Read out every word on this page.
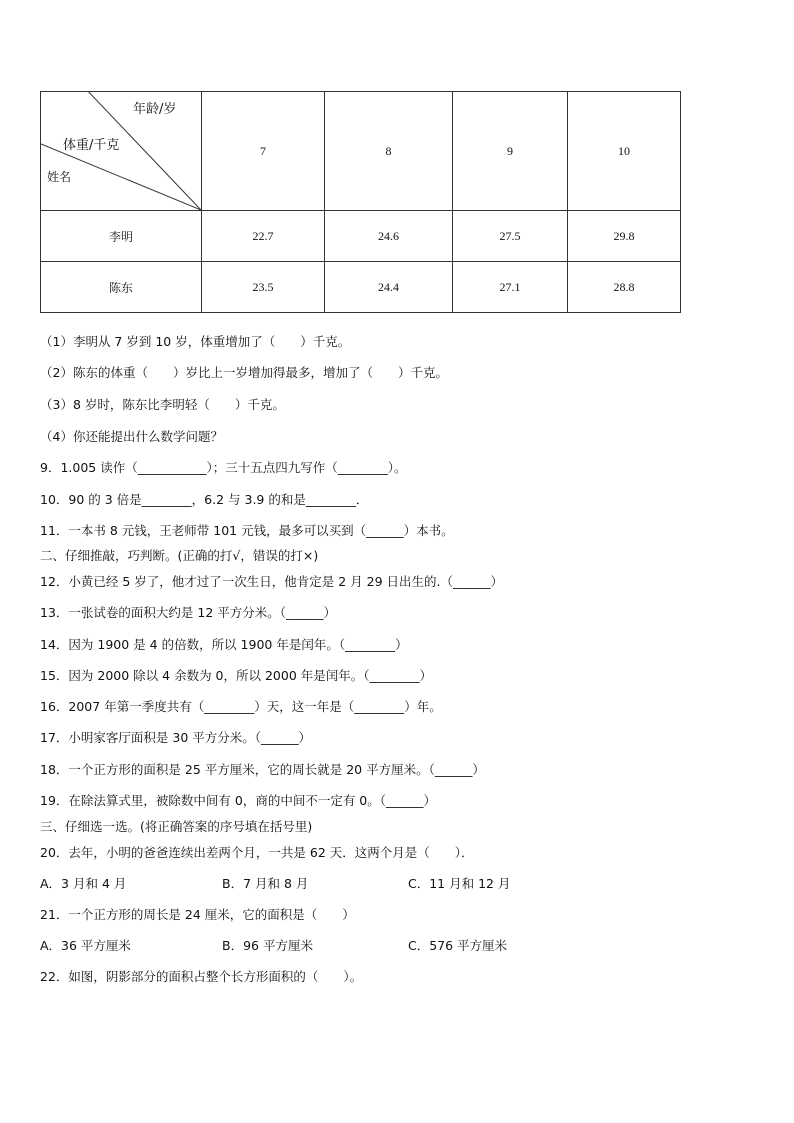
年龄/岁
体重/千克
姓名	7	8	9	10
李明	22.7	24.6	27.5	29.8
陈东	23.5	24.4	27.1	28.8
（1）李明从 7 岁到 10 岁，体重增加了（　　）千克。
（2）陈东的体重（　　）岁比上一岁增加得最多，增加了（　　）千克。
（3）8 岁时，陈东比李明轻（　　）千克。
（4）你还能提出什么数学问题？
9．1.005 读作（___________）；三十五点四九写作（________）。
10．90 的 3 倍是________，6.2 与 3.9 的和是________．
11．一本书 8 元钱，王老师带 101 元钱，最多可以买到（______）本书。
二、仔细推敲，巧判断。(正确的打√，错误的打×)
12．小黄已经 5 岁了，他才过了一次生日，他肯定是 2 月 29 日出生的.（______）
13．一张试卷的面积大约是 12 平方分米。（______）
14．因为 1900 是 4 的倍数，所以 1900 年是闰年。（________）
15．因为 2000 除以 4 余数为 0，所以 2000 年是闰年。（________）
16．2007 年第一季度共有（________）天，这一年是（________）年。
17．小明家客厅面积是 30 平方分米。（______）
18．一个正方形的面积是 25 平方厘米，它的周长就是 20 平方厘米。（______）
19．在除法算式里，被除数中间有 0，商的中间不一定有 0。（______）
三、仔细选一选。(将正确答案的序号填在括号里)
20．去年，小明的爸爸连续出差两个月，一共是 62 天．这两个月是（　　）．
A．3 月和 4 月	B．7 月和 8 月	C．11 月和 12 月
21．一个正方形的周长是 24 厘米，它的面积是（　　）
A．36 平方厘米	B．96 平方厘米	C．576 平方厘米
22．如图，阴影部分的面积占整个长方形面积的（　　）。
